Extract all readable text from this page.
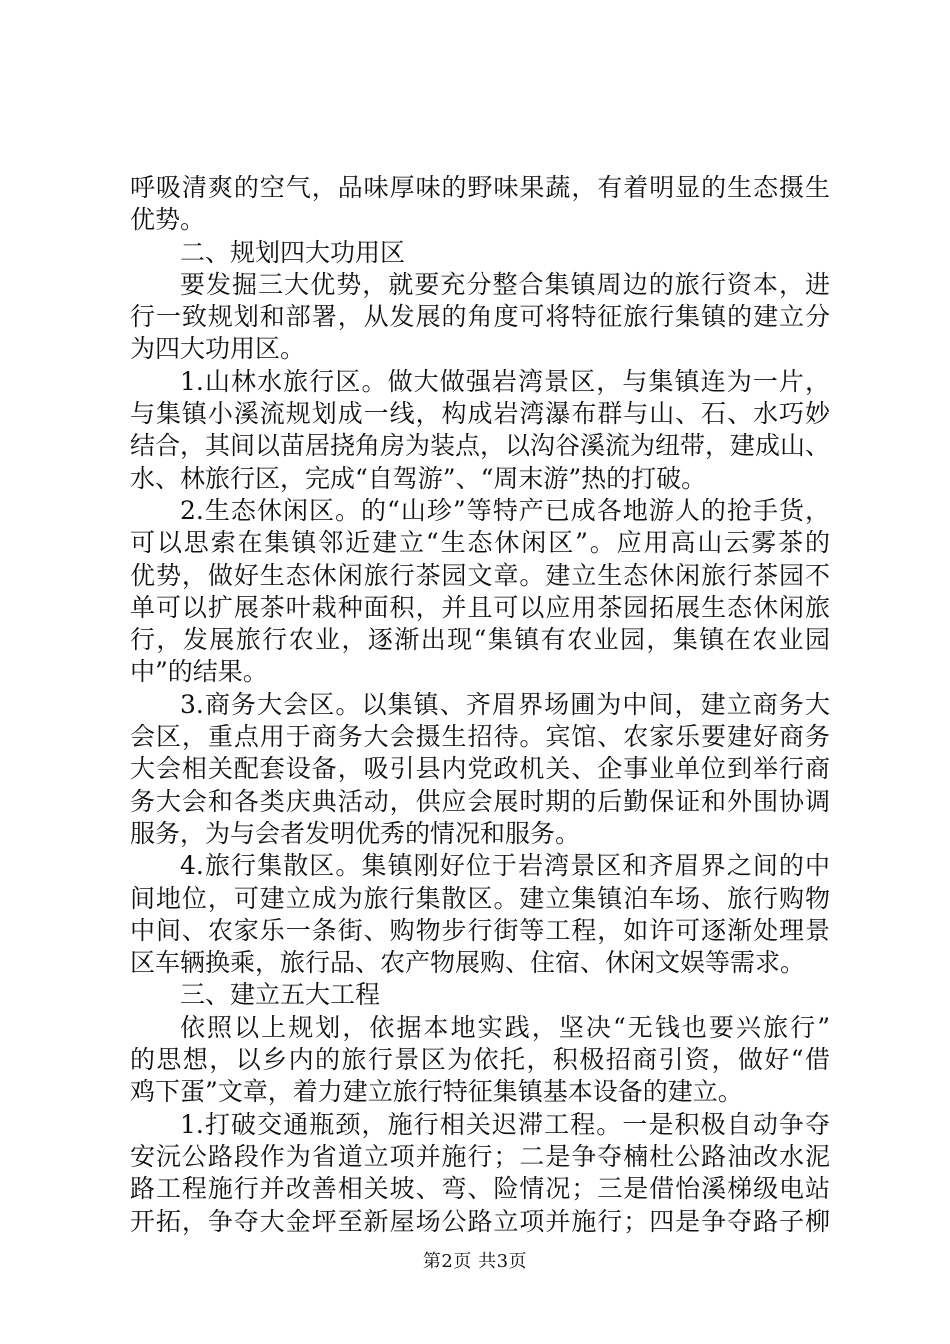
呼吸清爽的空气，品味厚味的野味果蔬，有着明显的生态摄生
优势。
二、规划四大功用区
要发掘三大优势，就要充分整合集镇周边的旅行资本，进
行一致规划和部署，从发展的角度可将特征旅行集镇的建立分
为四大功用区。
1.山林水旅行区。做大做强岩湾景区，与集镇连为一片，
与集镇小溪流规划成一线，构成岩湾瀑布群与山、石、水巧妙
结合，其间以苗居挠角房为装点，以沟谷溪流为纽带，建成山、
水、林旅行区，完成“自驾游”、“周末游”热的打破。
2.生态休闲区。的“山珍”等特产已成各地游人的抢手货，
可以思索在集镇邻近建立“生态休闲区”。应用高山云雾茶的
优势，做好生态休闲旅行茶园文章。建立生态休闲旅行茶园不
单可以扩展茶叶栽种面积，并且可以应用茶园拓展生态休闲旅
行，发展旅行农业，逐渐出现“集镇有农业园，集镇在农业园
中”的结果。
3.商务大会区。以集镇、齐眉界场圃为中间，建立商务大
会区，重点用于商务大会摄生招待。宾馆、农家乐要建好商务
大会相关配套设备，吸引县内党政机关、企事业单位到举行商
务大会和各类庆典活动，供应会展时期的后勤保证和外围协调
服务，为与会者发明优秀的情况和服务。
4.旅行集散区。集镇刚好位于岩湾景区和齐眉界之间的中
间地位，可建立成为旅行集散区。建立集镇泊车场、旅行购物
中间、农家乐一条街、购物步行街等工程，如许可逐渐处理景
区车辆换乘，旅行品、农产物展购、住宿、休闲文娱等需求。
三、建立五大工程
依照以上规划，依据本地实践，坚决“无钱也要兴旅行”
的思想，以乡内的旅行景区为依托，积极招商引资，做好“借
鸡下蛋”文章，着力建立旅行特征集镇基本设备的建立。
1.打破交通瓶颈，施行相关迟滞工程。一是积极自动争夺
安沅公路段作为省道立项并施行；二是争夺楠杜公路油改水泥
路工程施行并改善相关坡、弯、险情况；三是借怡溪梯级电站
开拓，争夺大金坪至新屋场公路立项并施行；四是争夺路子柳
第2页 共3页
